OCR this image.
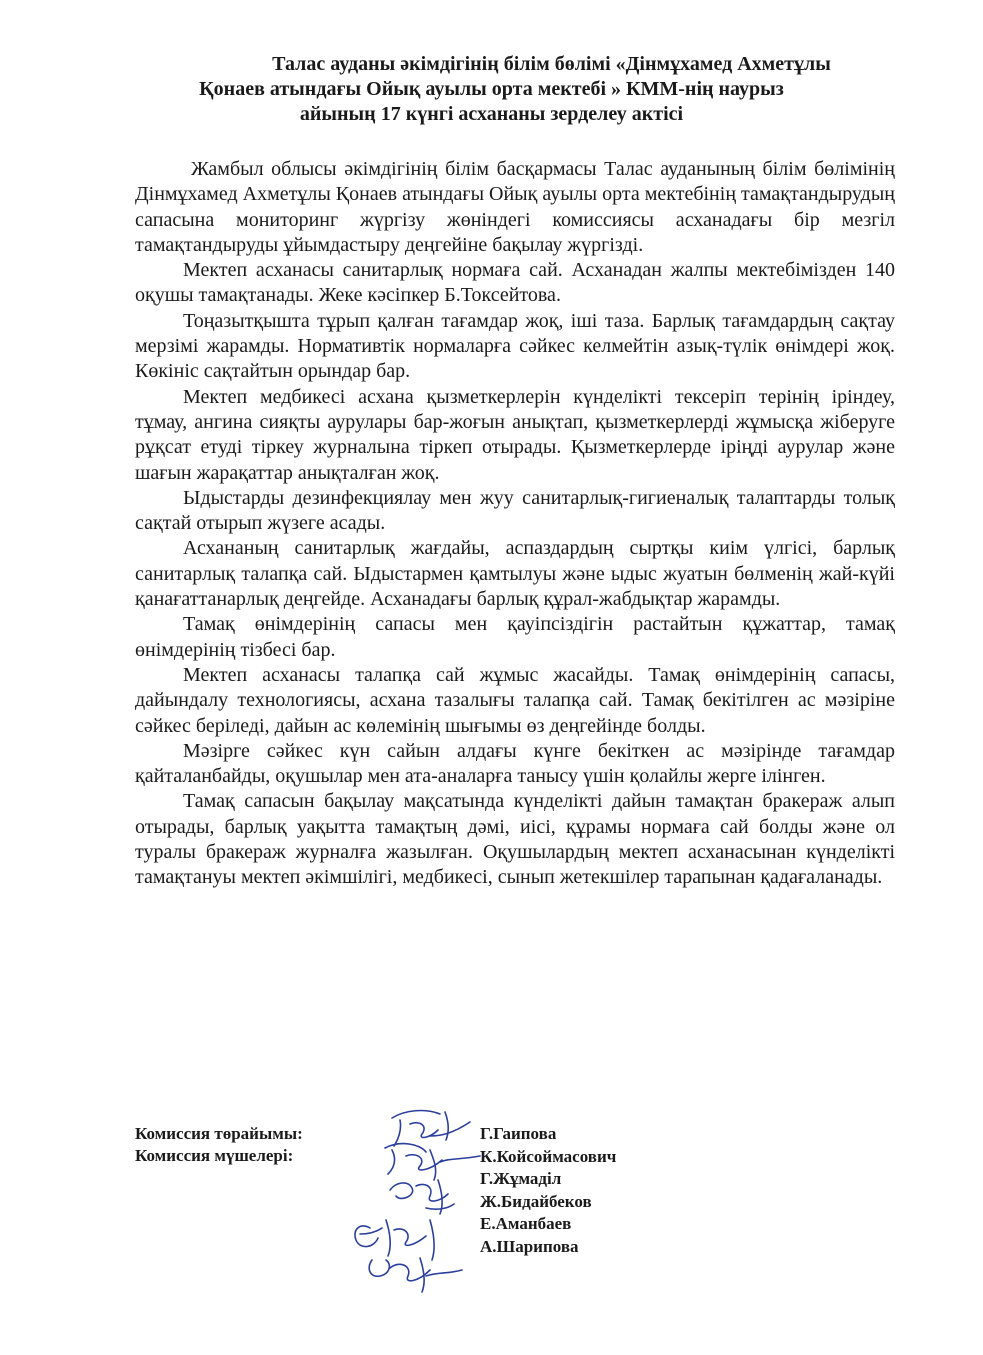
Талас ауданы әкімдігінің білім бөлімі «Дінмұхамед Ахметұлы
Қонаев атындағы Ойық ауылы орта мектебі » КММ-нің наурыз
айының 17 күнгі асхананы зерделеу актісі

Жамбыл облысы әкімдігінің білім басқармасы Талас ауданының білім бөлімінің Дінмұхамед Ахметұлы Қонаев атындағы Ойық ауылы орта мектебінің тамақтандырудың сапасына мониторинг жүргізу жөніндегі комиссиясы асханадағы бір мезгіл тамақтандыруды ұйымдастыру деңгейіне бақылау жүргізді.

Мектеп асханасы санитарлық нормаға сай. Асханадан жалпы мектебімізден 140 оқушы тамақтанады. Жеке кәсіпкер Б.Токсейтова.

Тоңазытқышта тұрып қалған тағамдар жоқ, іші таза. Барлық тағамдардың сақтау мерзімі жарамды. Нормативтік нормаларға сәйкес келмейтін азық-түлік өнімдері жоқ. Көкініс сақтайтын орындар бар.

Мектеп медбикесі асхана қызметкерлерін күнделікті тексеріп терінің іріндеу, тұмау, ангина сияқты аурулары бар-жоғын анықтап, қызметкерлерді жұмысқа жіберуге рұқсат етуді тіркеу журналына тіркеп отырады. Қызметкерлерде іріңді аурулар және шағын жарақаттар анықталған жоқ.

Ыдыстарды дезинфекциялау мен жуу санитарлық-гигиеналық талаптарды толық сақтай отырып жүзеге асады.

Асхананың санитарлық жағдайы, аспаздардың сыртқы киім үлгісі, барлық санитарлық талапқа сай. Ыдыстармен қамтылуы және ыдыс жуатын бөлменің жай-күйі қанағаттанарлық деңгейде. Асханадағы барлық құрал-жабдықтар жарамды.

Тамақ өнімдерінің сапасы мен қауіпсіздігін растайтын құжаттар, тамақ өнімдерінің тізбесі бар.

Мектеп асханасы талапқа сай жұмыс жасайды. Тамақ өнімдерінің сапасы, дайындалу технологиясы, асхана тазалығы талапқа сай. Тамақ бекітілген ас мәзіріне сәйкес беріледі, дайын ас көлемінің шығымы өз деңгейінде болды.

Мәзірге сәйкес күн сайын алдағы күнге бекіткен ас мәзірінде тағамдар қайталанбайды, оқушылар мен ата-аналарға танысу үшін қолайлы жерге ілінген.

Тамақ сапасын бақылау мақсатында күнделікті дайын тамақтан бракераж алып отырады, барлық уақытта тамақтың дәмі, иісі, құрамы нормаға сай болды және ол туралы бракераж журналға жазылған. Оқушылардың мектеп асханасынан күнделікті тамақтануы мектеп әкімшілігі, медбикесі, сынып жетекшілер тарапынан қадағаланады.

Комиссия төрайымы:
Комиссия мүшелері:
Г.Гаипова
К.Койсоймасович
Г.Жұмаділ
Ж.Бидайбеков
Е.Аманбаев
А.Шарипова
